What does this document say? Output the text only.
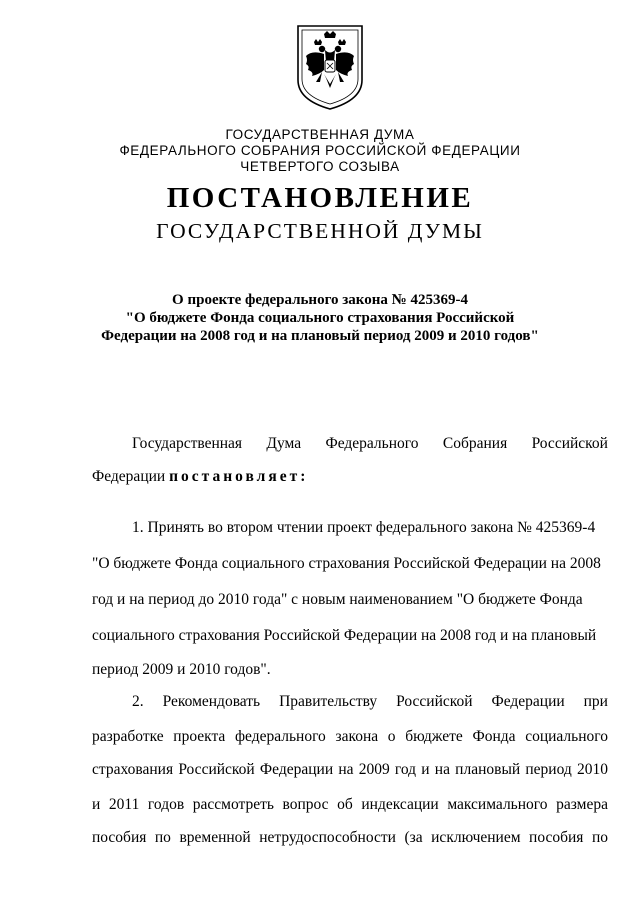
ГОСУДАРСТВЕННАЯ ДУМА
ФЕДЕРАЛЬНОГО СОБРАНИЯ РОССИЙСКОЙ ФЕДЕРАЦИИ
ЧЕТВЕРТОГО СОЗЫВА
ПОСТАНОВЛЕНИЕ
ГОСУДАРСТВЕННОЙ ДУМЫ
О проекте федерального закона № 425369-4
"О бюджете Фонда социального страхования Российской
Федерации на 2008 год и на плановый период 2009 и 2010 годов"
Государственная Дума Федерального Собрания Российской
Федерации постановляет:
1. Принять во втором чтении проект федерального закона № 425369-4
"О бюджете Фонда социального страхования Российской Федерации на 2008
год и на период до 2010 года" с новым наименованием "О бюджете Фонда
социального страхования Российской Федерации на 2008 год и на плановый
период 2009 и 2010 годов".
2. Рекомендовать Правительству Российской Федерации при
разработке проекта федерального закона о бюджете Фонда социального
страхования Российской Федерации на 2009 год и на плановый период 2010
и 2011 годов рассмотреть вопрос об индексации максимального размера
пособия по временной нетрудоспособности (за исключением пособия по
